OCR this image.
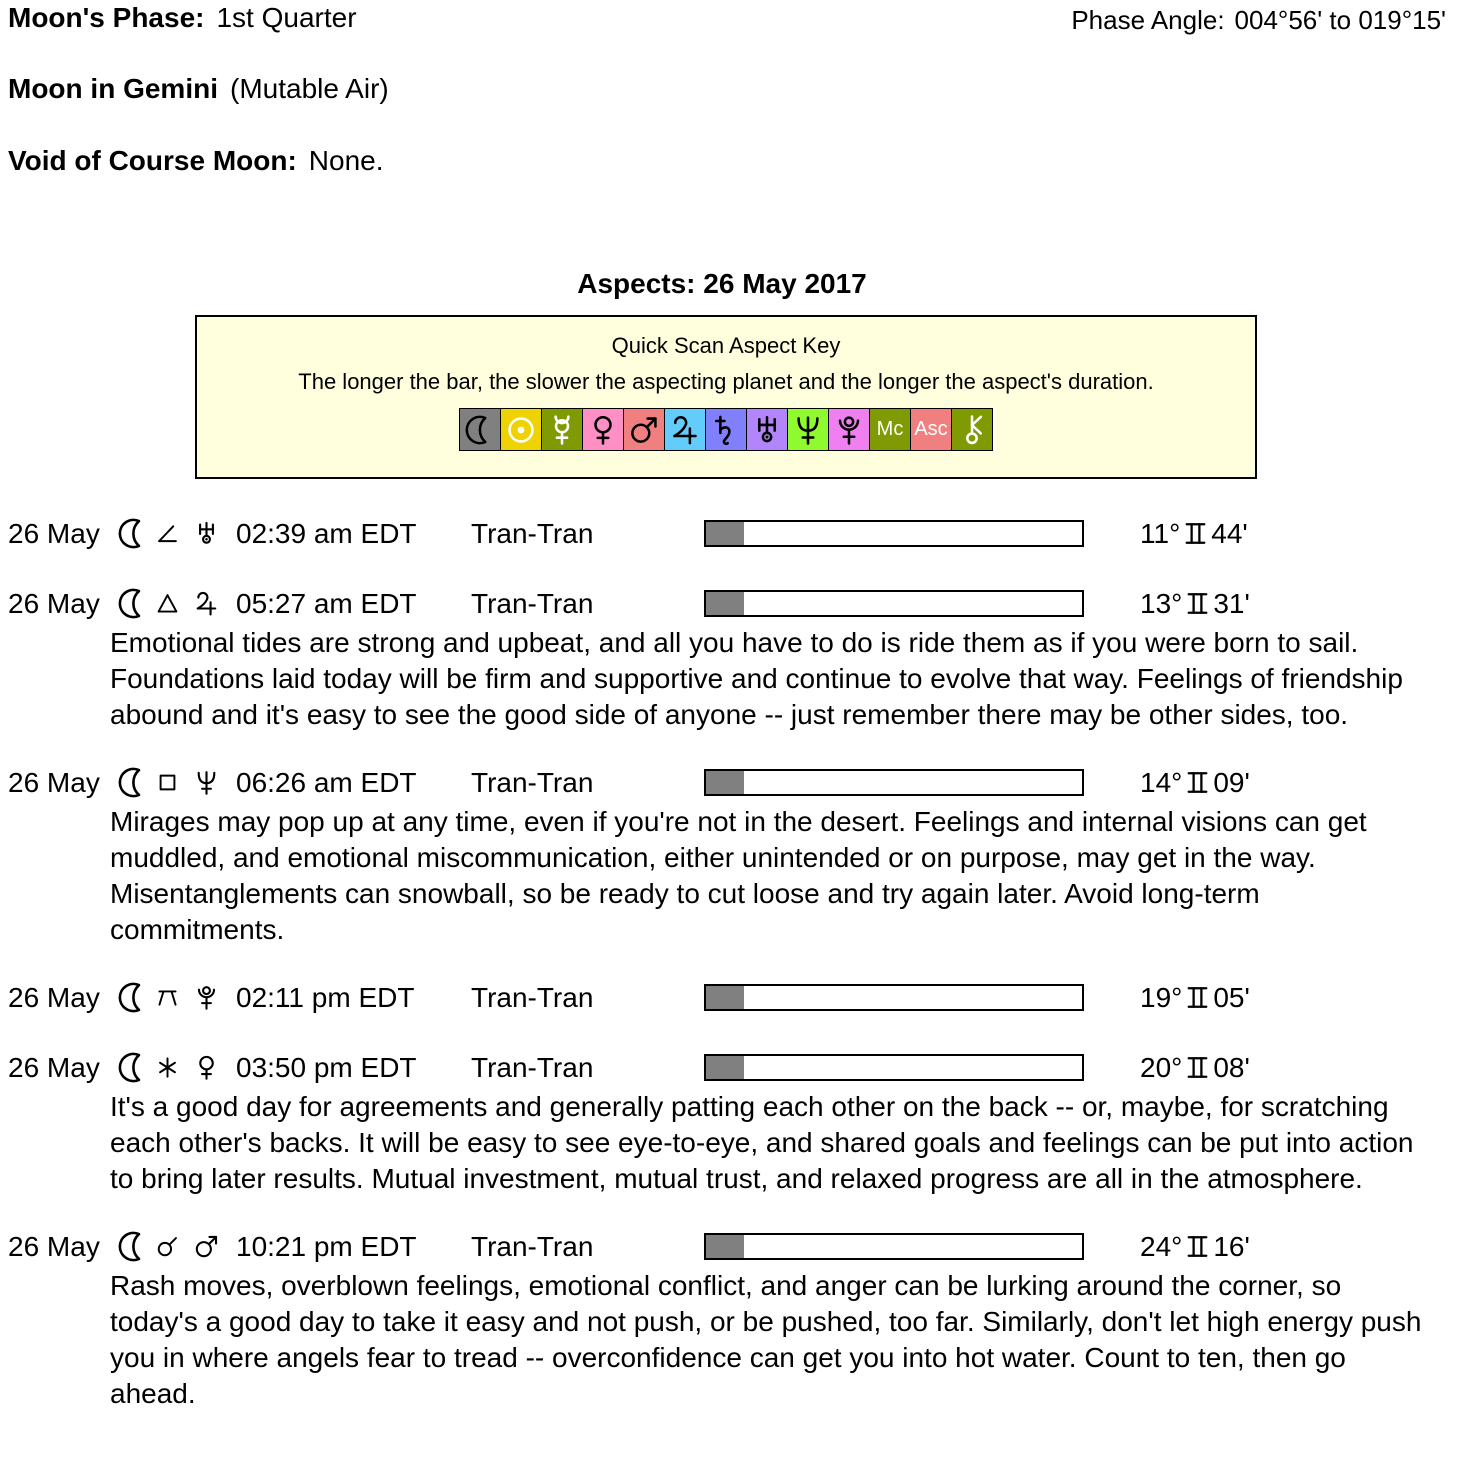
Moon's Phase: 1st Quarter	Phase Angle: 004°56' to 019°15'
Moon in Gemini (Mutable Air)
Void of Course Moon: None.
Aspects: 26 May 2017
Quick Scan Aspect Key
The longer the bar, the slower the aspecting planet and the longer the aspect's duration.
Mc Asc
26 May	02:39 am EDT	Tran-Tran	11° 44'
26 May	05:27 am EDT	Tran-Tran	13° 31'
Emotional tides are strong and upbeat, and all you have to do is ride them as if you were born to sail. Foundations laid today will be firm and supportive and continue to evolve that way. Feelings of friendship abound and it's easy to see the good side of anyone -- just remember there may be other sides, too.
26 May	06:26 am EDT	Tran-Tran	14° 09'
Mirages may pop up at any time, even if you're not in the desert. Feelings and internal visions can get muddled, and emotional miscommunication, either unintended or on purpose, may get in the way. Misentanglements can snowball, so be ready to cut loose and try again later. Avoid long-term commitments.
26 May	02:11 pm EDT	Tran-Tran	19° 05'
26 May	03:50 pm EDT	Tran-Tran	20° 08'
It's a good day for agreements and generally patting each other on the back -- or, maybe, for scratching each other's backs. It will be easy to see eye-to-eye, and shared goals and feelings can be put into action to bring later results. Mutual investment, mutual trust, and relaxed progress are all in the atmosphere.
26 May	10:21 pm EDT	Tran-Tran	24° 16'
Rash moves, overblown feelings, emotional conflict, and anger can be lurking around the corner, so today's a good day to take it easy and not push, or be pushed, too far. Similarly, don't let high energy push you in where angels fear to tread -- overconfidence can get you into hot water. Count to ten, then go ahead.
